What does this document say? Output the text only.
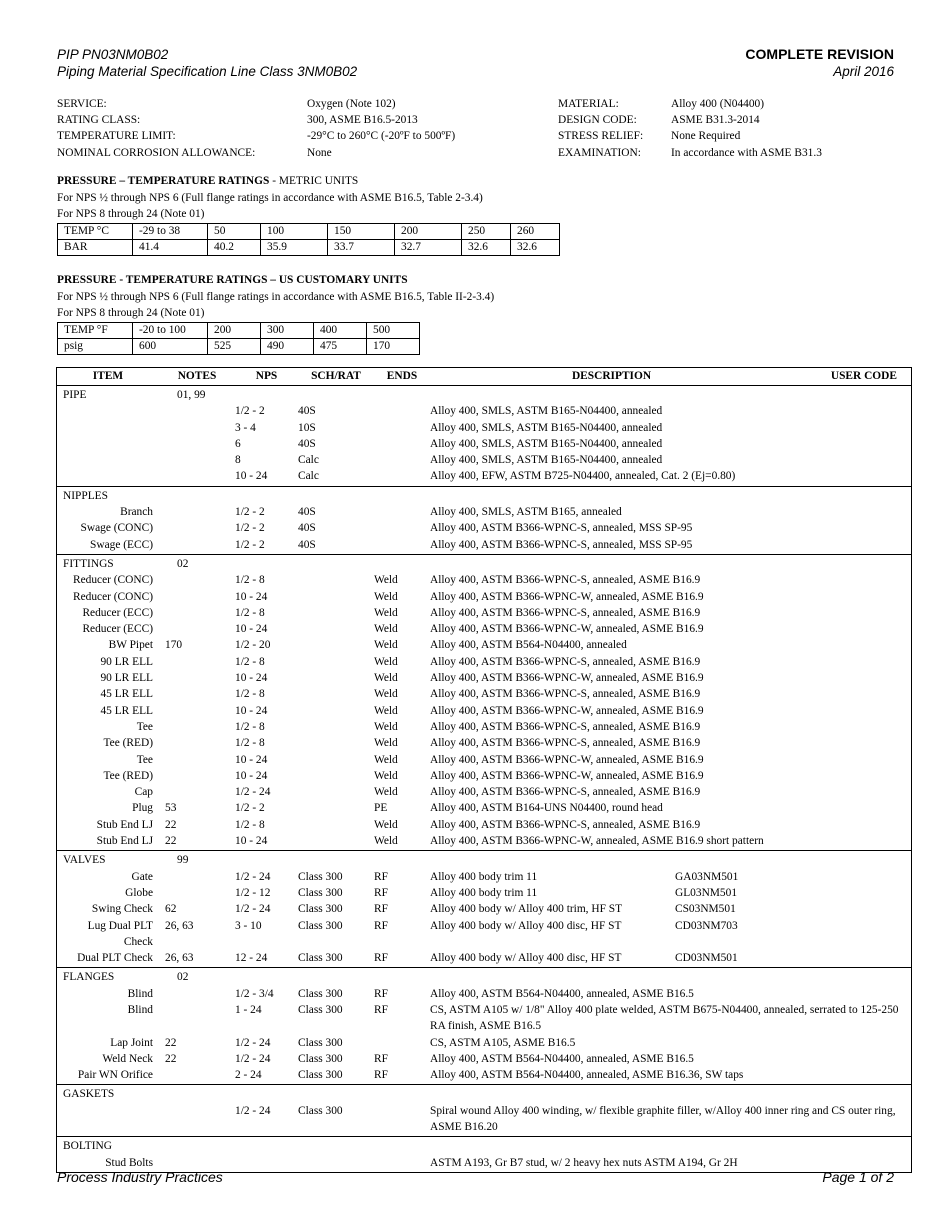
PIP PN03NM0B02
Piping Material Specification Line Class 3NM0B02
COMPLETE REVISION
April 2016
SERVICE:	Oxygen (Note 102)
RATING CLASS:	300, ASME B16.5-2013
TEMPERATURE LIMIT:	-29°C to 260°C (-20ºF to 500ºF)
NOMINAL CORROSION ALLOWANCE:	None
MATERIAL:	Alloy 400 (N04400)
DESIGN CODE:	ASME B31.3-2014
STRESS RELIEF:	None Required
EXAMINATION:	In accordance with ASME B31.3
PRESSURE – TEMPERATURE RATINGS - METRIC UNITS
For NPS ½ through NPS 6 (Full flange ratings in accordance with ASME B16.5, Table 2-3.4)
For NPS 8 through 24 (Note 01)
TEMP °C	-29 to 38	50	100	150	200	250	260
BAR	41.4	40.2	35.9	33.7	32.7	32.6	32.6
PRESSURE - TEMPERATURE RATINGS – US CUSTOMARY UNITS
For NPS ½ through NPS 6 (Full flange ratings in accordance with ASME B16.5, Table II-2-3.4)
For NPS 8 through 24 (Note 01)
TEMP °F	-20 to 100	200	300	400	500
psig	600	525	490	475	170
ITEM	NOTES	NPS	SCH/RAT	ENDS	DESCRIPTION	USER CODE
PIPE	01, 99
1/2 - 2	40S	Alloy 400, SMLS, ASTM B165-N04400, annealed
3 - 4	10S	Alloy 400, SMLS, ASTM B165-N04400, annealed
6	40S	Alloy 400, SMLS, ASTM B165-N04400, annealed
8	Calc	Alloy 400, SMLS, ASTM B165-N04400, annealed
10 - 24	Calc	Alloy 400, EFW, ASTM B725-N04400, annealed, Cat. 2 (Ej=0.80)
NIPPLES
Branch	1/2 - 2	40S	Alloy 400, SMLS, ASTM B165, annealed
Swage (CONC)	1/2 - 2	40S	Alloy 400, ASTM B366-WPNC-S, annealed, MSS SP-95
Swage (ECC)	1/2 - 2	40S	Alloy 400, ASTM B366-WPNC-S, annealed, MSS SP-95
FITTINGS	02
Reducer (CONC)	1/2 - 8	Weld	Alloy 400, ASTM B366-WPNC-S, annealed, ASME B16.9
Reducer (CONC)	10 - 24	Weld	Alloy 400, ASTM B366-WPNC-W, annealed, ASME B16.9
Reducer (ECC)	1/2 - 8	Weld	Alloy 400, ASTM B366-WPNC-S, annealed, ASME B16.9
Reducer (ECC)	10 - 24	Weld	Alloy 400, ASTM B366-WPNC-W, annealed, ASME B16.9
BW Pipet	170	1/2 - 20	Weld	Alloy 400, ASTM B564-N04400, annealed
90 LR ELL	1/2 - 8	Weld	Alloy 400, ASTM B366-WPNC-S, annealed, ASME B16.9
90 LR ELL	10 - 24	Weld	Alloy 400, ASTM B366-WPNC-W, annealed, ASME B16.9
45 LR ELL	1/2 - 8	Weld	Alloy 400, ASTM B366-WPNC-S, annealed, ASME B16.9
45 LR ELL	10 - 24	Weld	Alloy 400, ASTM B366-WPNC-W, annealed, ASME B16.9
Tee	1/2 - 8	Weld	Alloy 400, ASTM B366-WPNC-S, annealed, ASME B16.9
Tee (RED)	1/2 - 8	Weld	Alloy 400, ASTM B366-WPNC-S, annealed, ASME B16.9
Tee	10 - 24	Weld	Alloy 400, ASTM B366-WPNC-W, annealed, ASME B16.9
Tee (RED)	10 - 24	Weld	Alloy 400, ASTM B366-WPNC-W, annealed, ASME B16.9
Cap	1/2 - 24	Weld	Alloy 400, ASTM B366-WPNC-S, annealed, ASME B16.9
Plug	53	1/2 - 2	PE	Alloy 400, ASTM B164-UNS N04400, round head
Stub End LJ	22	1/2 - 8	Weld	Alloy 400, ASTM B366-WPNC-S, annealed, ASME B16.9
Stub End LJ	22	10 - 24	Weld	Alloy 400, ASTM B366-WPNC-W, annealed, ASME B16.9 short pattern
VALVES	99
Gate	1/2 - 24	Class 300	RF	Alloy 400 body trim 11	GA03NM501
Globe	1/2 - 12	Class 300	RF	Alloy 400 body trim 11	GL03NM501
Swing Check	62	1/2 - 24	Class 300	RF	Alloy 400 body w/ Alloy 400 trim, HF ST	CS03NM501
Lug Dual PLT Check
26, 63	3 - 10	Class 300	RF	Alloy 400 body w/ Alloy 400 disc, HF ST	CD03NM703
Dual PLT Check	26, 63	12 - 24	Class 300	RF	Alloy 400 body w/ Alloy 400 disc, HF ST	CD03NM501
FLANGES	02
Blind	1/2 - 3/4	Class 300	RF	Alloy 400, ASTM B564-N04400, annealed, ASME B16.5
Blind	1 - 24	Class 300	RF	CS, ASTM A105 w/ 1/8" Alloy 400 plate welded, ASTM B675-N04400, annealed, serrated to 125-250 RA finish, ASME B16.5
Lap Joint	22	1/2 - 24	Class 300	CS, ASTM A105, ASME B16.5
Weld Neck	22	1/2 - 24	Class 300	RF	Alloy 400, ASTM B564-N04400, annealed, ASME B16.5
Pair WN Orifice	2 - 24	Class 300	RF	Alloy 400, ASTM B564-N04400, annealed, ASME B16.36, SW taps
GASKETS
1/2 - 24	Class 300	Spiral wound Alloy 400 winding, w/ flexible graphite filler, w/Alloy 400 inner ring and CS outer ring, ASME B16.20
BOLTING
Stud Bolts	ASTM A193, Gr B7 stud, w/ 2 heavy hex nuts ASTM A194, Gr 2H
Process Industry Practices	Page 1 of 2
